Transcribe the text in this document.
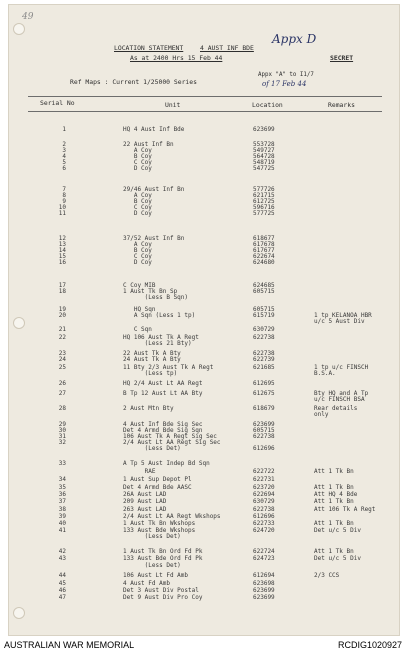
49
Appx D
LOCATION STATEMENT	4 AUST INF BDE
SECRET
As at 2400 Hrs 15 Feb 44
Ref Maps : Current 1/25000 Series
Appx "A" to I1/7
of 17 Feb 44
Serial No	Unit	Location	Remarks
1	HQ 4 Aust Inf Bde	623699
2	22 Aust Inf Bn	553728
3	A Coy	549727
4	B Coy	564728
5	C Coy	548719
6	D Coy	547725
7	29/46 Aust Inf Bn	577726
8	A Coy	621715
9	B Coy	612725
10	C Coy	596716
11	D Coy	577725
12	37/52 Aust Inf Bn	618677
13	A Coy	617678
14	B Coy	617677
15	C Coy	622674
16	D Coy	624680
17	C Coy MIB	624685
18	1 Aust Tk Bn Sp	605715
(Less B Sqn)
19	HQ Sqn	605715
20	A Sqn (Less 1 tp)	615719	1 tp KELANOA HBR
u/c 5 Aust Div
21	C Sqn	630729
22	HQ 106 Aust Tk A Regt	622738
(Less 21 Bty)
23	22 Aust Tk A Bty	622738
24	24 Aust Tk A Bty	622739
25	11 Bty 2/3 Aust Tk A Regt	621685	1 tp u/c FINSCH
(Less tp)	B.S.A.
26	HQ 2/4 Aust Lt AA Regt	612695
27	B Tp 12 Aust Lt AA Bty	612675	Bty HQ and A Tp
u/c FINSCH BSA
28	2 Aust Mtn Bty	618679	Rear details
only
29	4 Aust Inf Bde Sig Sec	623699
30	Det 4 Armd Bde Sig Sqn	605715
31	106 Aust Tk A Regt Sig Sec	622738
32	2/4 Aust Lt AA Regt Sig Sec
(Less Det)	612696
33	A Tp 5 Aust Indep Bd Sqn
RAE	622722	Att 1 Tk Bn
34	1 Aust Sup Depot Pl	622731
35	Det 4 Armd Bde AASC	623720	Att 1 Tk Bn
36	26A Aust LAD	622694	Att HQ 4 Bde
37	209 Aust LAD	630729	Att 1 Tk Bn
38	263 Aust LAD	622738	Att 106 Tk A Regt
39	2/4 Aust Lt AA Regt Wkshops	612696
40	1 Aust Tk Bn Wkshops	622733	Att 1 Tk Bn
41	133 Aust Bde Wkshops	624720	Det u/c 5 Div
(Less Det)
42	1 Aust Tk Bn Ord Fd Pk	622724	Att 1 Tk Bn
43	133 Aust Bde Ord Fd Pk	624723	Det u/c 5 Div
(Less Det)
44	106 Aust Lt Fd Amb	612694	2/3 CCS
45	4 Aust Fd Amb	623698
46	Det 3 Aust Div Postal	623699
47	Det 9 Aust Div Pro Coy	623699
AUSTRALIAN WAR MEMORIAL	RCDIG1020927
